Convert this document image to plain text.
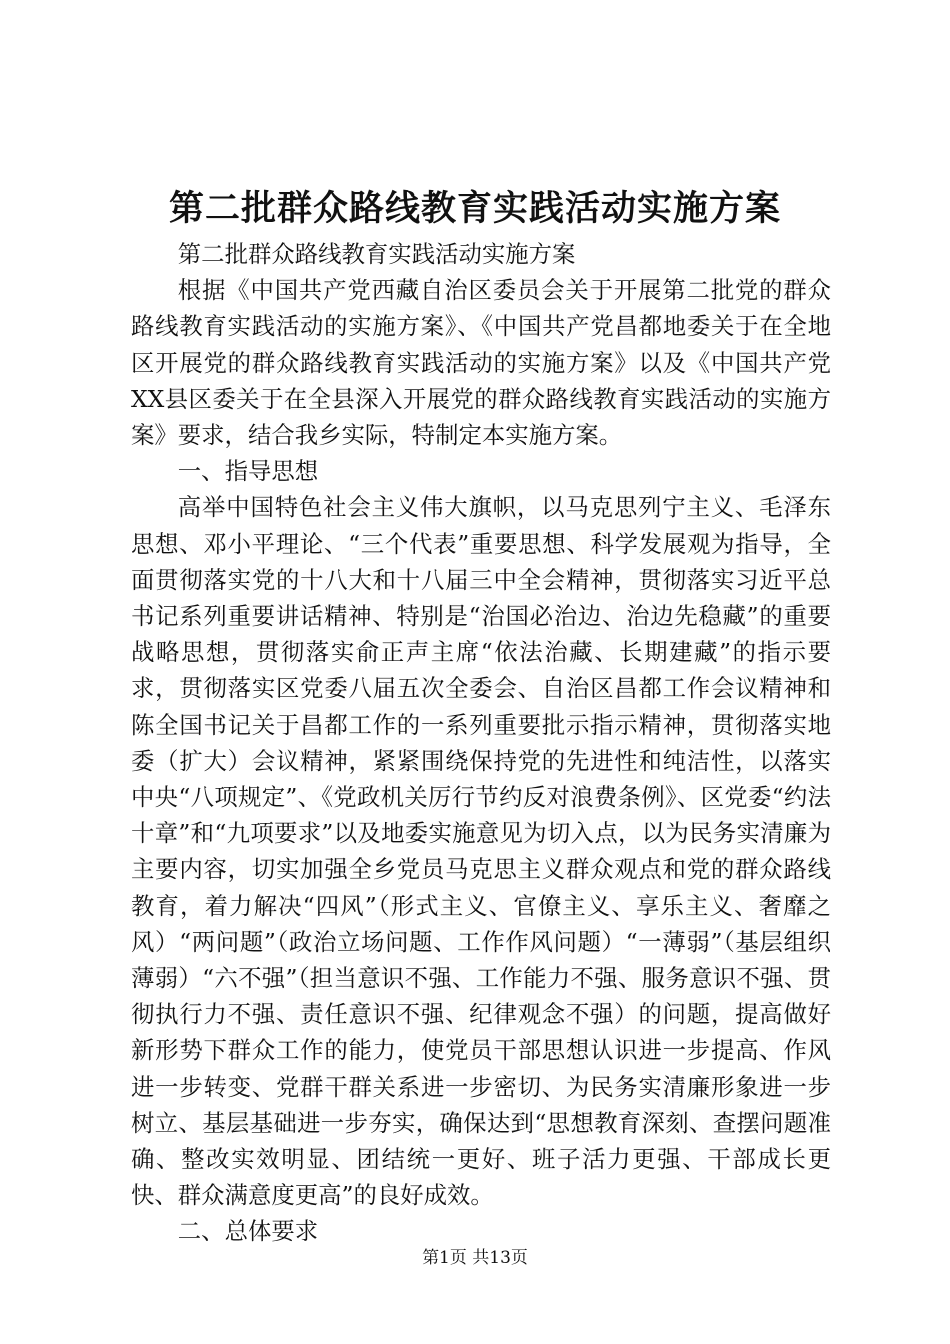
第二批群众路线教育实践活动实施方案

第二批群众路线教育实践活动实施方案

根据《中国共产党西藏自治区委员会关于开展第二批党的群众路线教育实践活动的实施方案》、《中国共产党昌都地委关于在全地区开展党的群众路线教育实践活动的实施方案》以及《中国共产党XX县区委关于在全县深入开展党的群众路线教育实践活动的实施方案》要求，结合我乡实际，特制定本实施方案。

一、指导思想

高举中国特色社会主义伟大旗帜，以马克思列宁主义、毛泽东思想、邓小平理论、“三个代表”重要思想、科学发展观为指导，全面贯彻落实党的十八大和十八届三中全会精神，贯彻落实习近平总书记系列重要讲话精神、特别是“治国必治边、治边先稳藏”的重要战略思想，贯彻落实俞正声主席“依法治藏、长期建藏”的指示要求，贯彻落实区党委八届五次全委会、自治区昌都工作会议精神和陈全国书记关于昌都工作的一系列重要批示指示精神，贯彻落实地委（扩大）会议精神，紧紧围绕保持党的先进性和纯洁性，以落实中央“八项规定”、《党政机关厉行节约反对浪费条例》、区党委“约法十章”和“九项要求”以及地委实施意见为切入点，以为民务实清廉为主要内容，切实加强全乡党员马克思主义群众观点和党的群众路线教育，着力解决“四风”（形式主义、官僚主义、享乐主义、奢靡之风）“两问题”（政治立场问题、工作作风问题）“一薄弱”（基层组织薄弱）“六不强”（担当意识不强、工作能力不强、服务意识不强、贯彻执行力不强、责任意识不强、纪律观念不强）的问题，提高做好新形势下群众工作的能力，使党员干部思想认识进一步提高、作风进一步转变、党群干群关系进一步密切、为民务实清廉形象进一步树立、基层基础进一步夯实，确保达到“思想教育深刻、查摆问题准确、整改实效明显、团结统一更好、班子活力更强、干部成长更快、群众满意度更高”的良好成效。

二、总体要求

第1页 共13页
